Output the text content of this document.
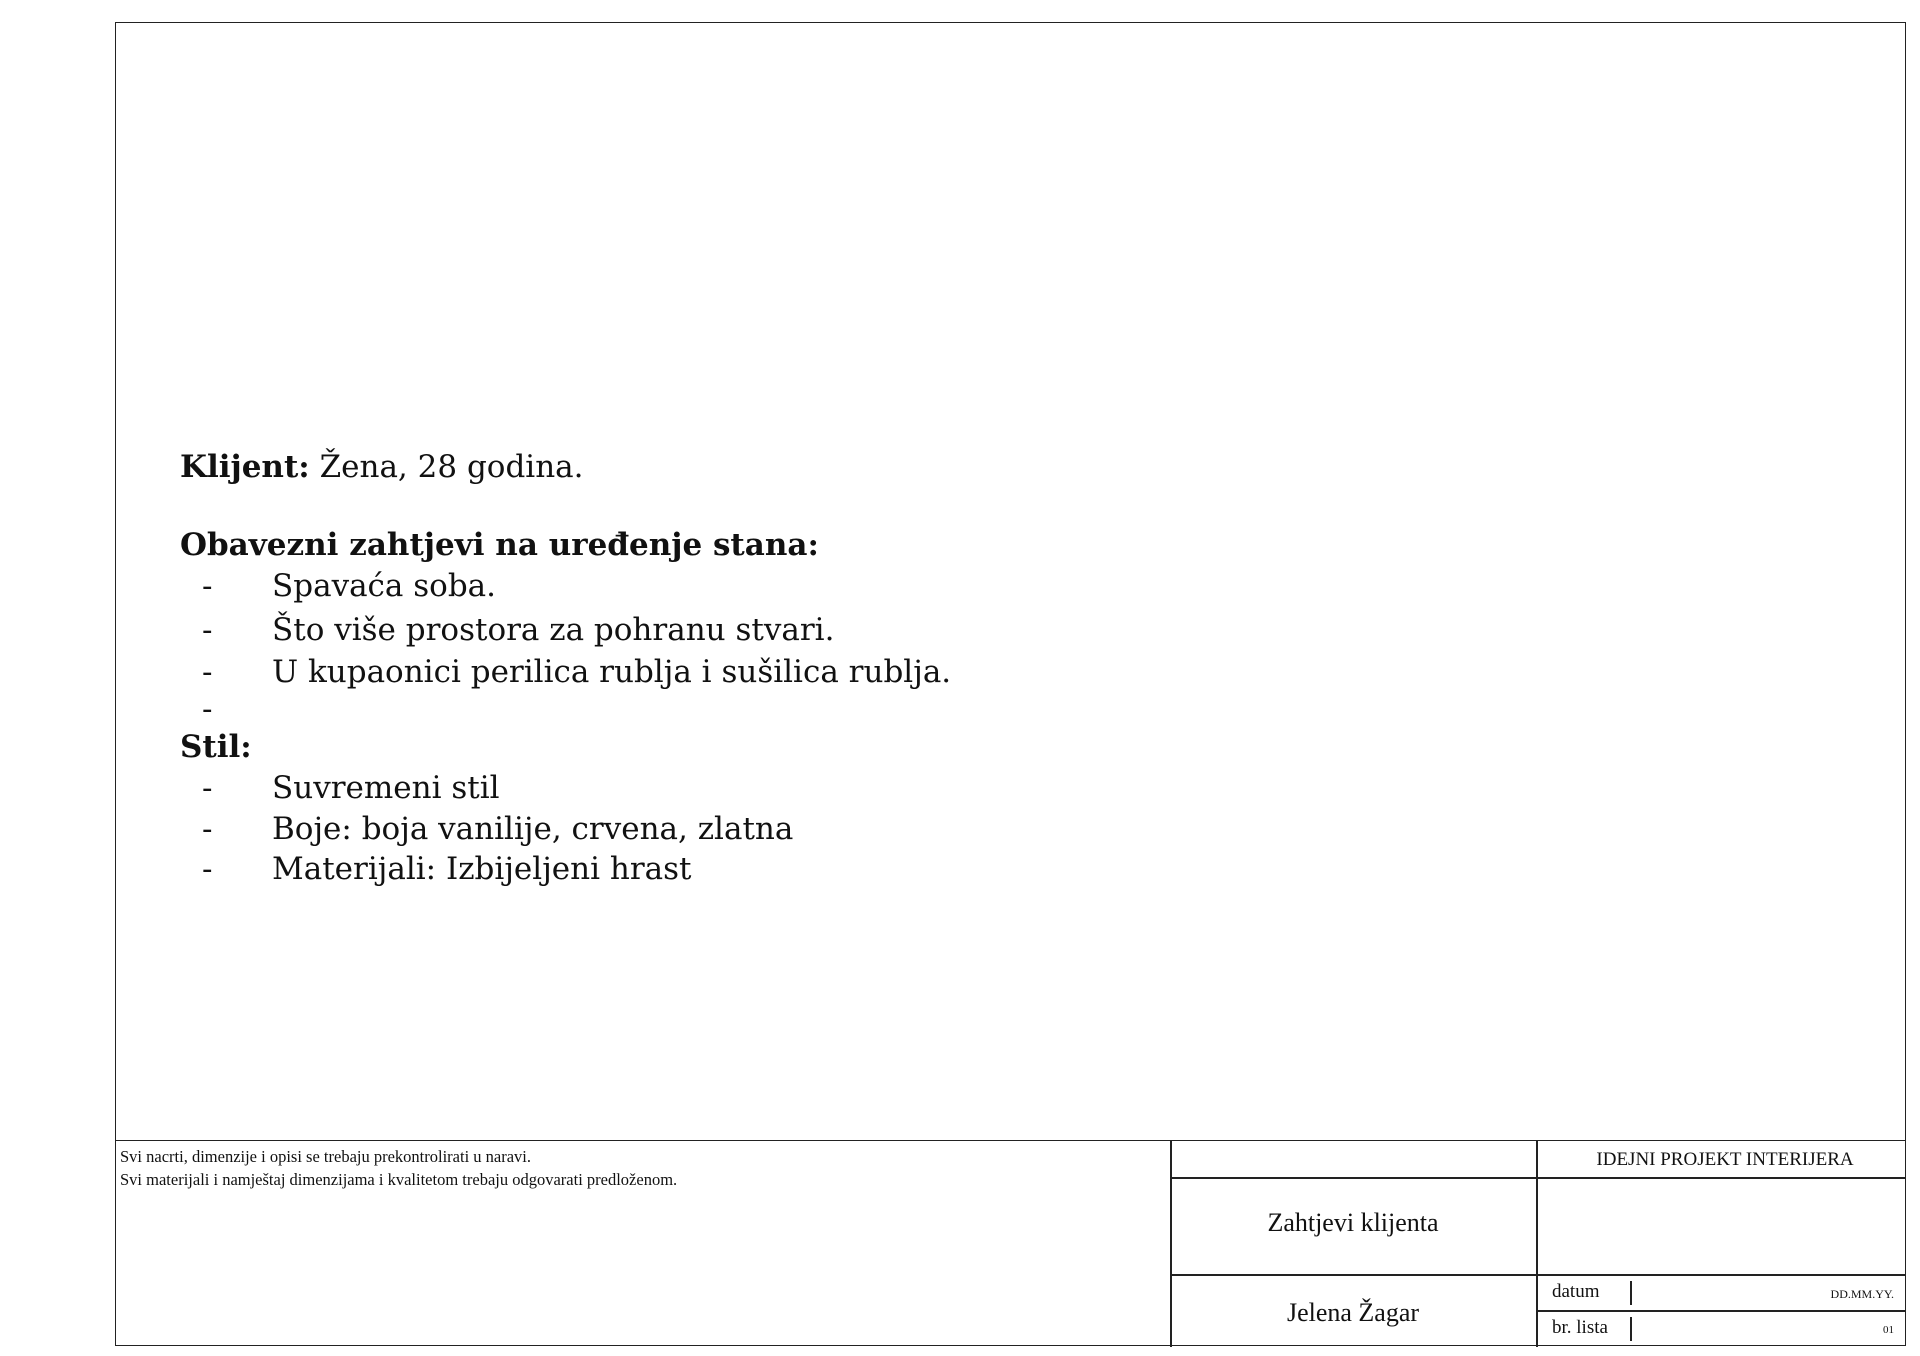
Klijent: Žena, 28 godina.
Obavezni zahtjevi na uređenje stana:
- Spavaća soba.
- Što više prostora za pohranu stvari.
- U kupaonici perilica rublja i sušilica rublja.
-
Stil:
- Suvremeni stil
- Boje: boja vanilije, crvena, zlatna
- Materijali: Izbijeljeni hrast
Svi nacrti, dimenzije i opisi se trebaju prekontrolirati u naravi.
Svi materijali i namještaj dimenzijama i kvalitetom trebaju odgovarati predloženom.
IDEJNI PROJEKT INTERIJERA
Zahtjevi klijenta
Jelena Žagar
datum	DD.MM.YY.
br. lista	01
